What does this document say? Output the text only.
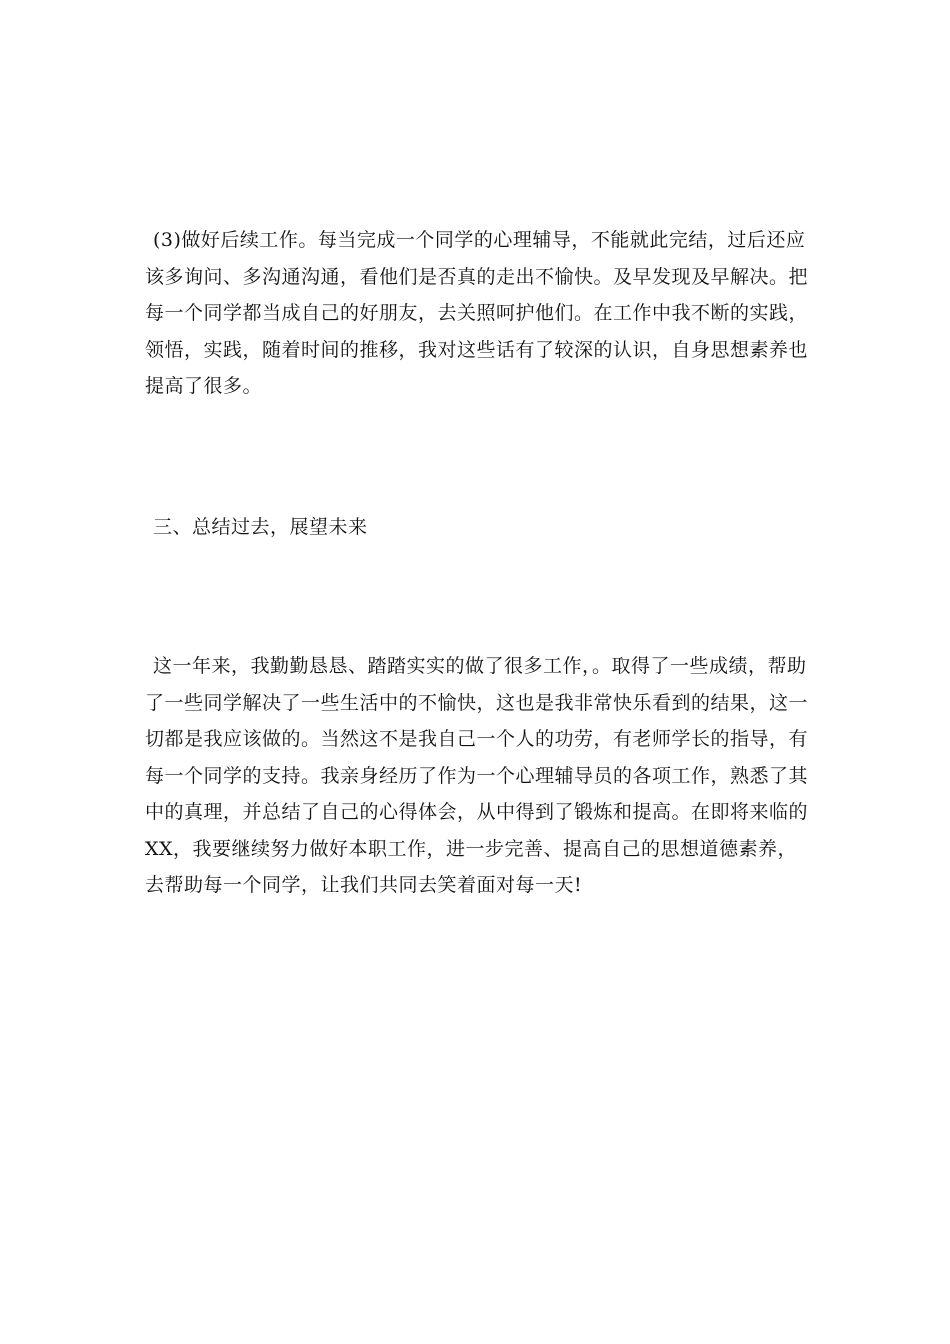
(3)做好后续工作。每当完成一个同学的心理辅导，不能就此完结，过后还应该多询问、多沟通沟通，看他们是否真的走出不愉快。及早发现及早解决。把每一个同学都当成自己的好朋友，去关照呵护他们。在工作中我不断的实践，领悟，实践，随着时间的推移，我对这些话有了较深的认识，自身思想素养也提高了很多。

三、总结过去，展望未来

这一年来，我勤勤恳恳、踏踏实实的做了很多工作，。取得了一些成绩，帮助了一些同学解决了一些生活中的不愉快，这也是我非常快乐看到的结果，这一切都是我应该做的。当然这不是我自己一个人的功劳，有老师学长的指导，有每一个同学的支持。我亲身经历了作为一个心理辅导员的各项工作，熟悉了其中的真理，并总结了自己的心得体会，从中得到了锻炼和提高。在即将来临的XX，我要继续努力做好本职工作，进一步完善、提高自己的思想道德素养，去帮助每一个同学，让我们共同去笑着面对每一天!
